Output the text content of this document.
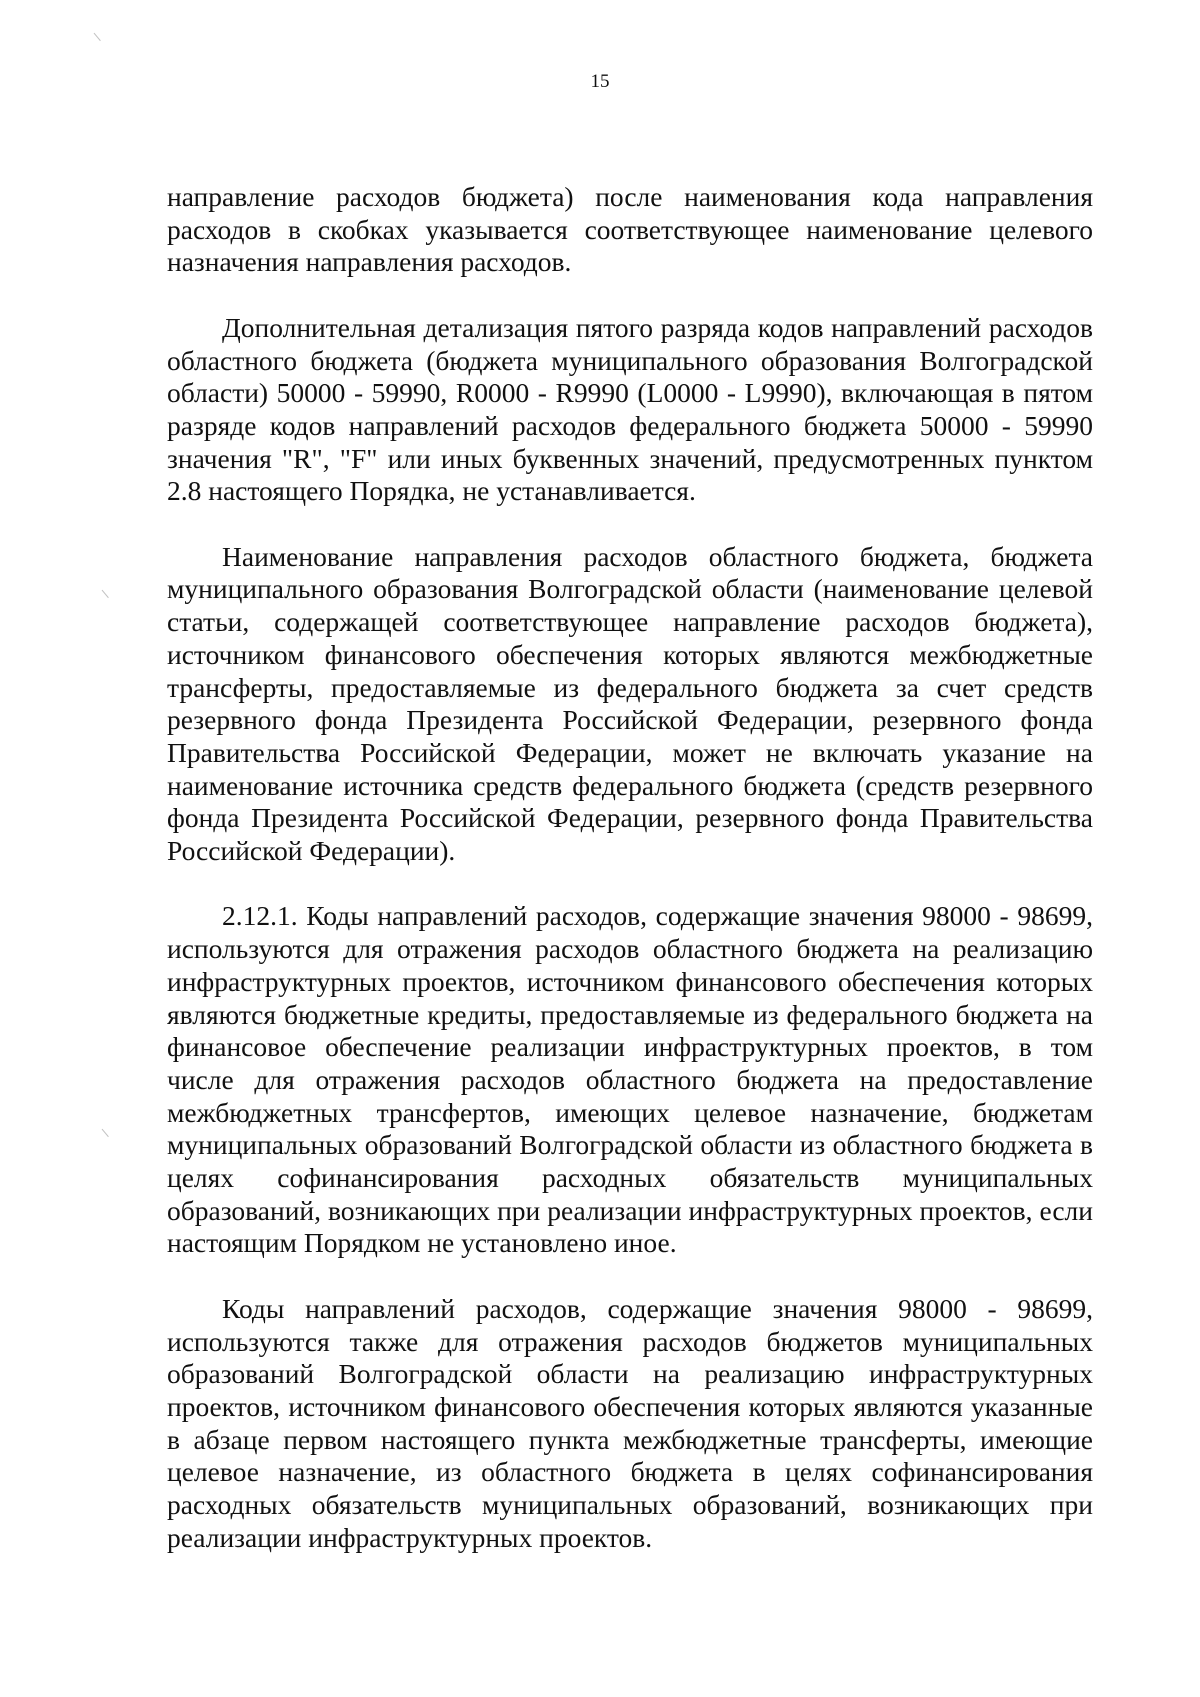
15

направление расходов бюджета) после наименования кода направления расходов в скобках указывается соответствующее наименование целевого назначения направления расходов.

Дополнительная детализация пятого разряда кодов направлений расходов областного бюджета (бюджета муниципального образования Волгоградской области) 50000 - 59990, R0000 - R9990 (L0000 - L9990), включающая в пятом разряде кодов направлений расходов федерального бюджета 50000 - 59990 значения "R", "F" или иных буквенных значений, предусмотренных пунктом 2.8 настоящего Порядка, не устанавливается.

Наименование направления расходов областного бюджета, бюджета муниципального образования Волгоградской области (наименование целевой статьи, содержащей соответствующее направление расходов бюджета), источником финансового обеспечения которых являются межбюджетные трансферты, предоставляемые из федерального бюджета за счет средств резервного фонда Президента Российской Федерации, резервного фонда Правительства Российской Федерации, может не включать указание на наименование источника средств федерального бюджета (средств резервного фонда Президента Российской Федерации, резервного фонда Правительства Российской Федерации).

2.12.1. Коды направлений расходов, содержащие значения 98000 - 98699, используются для отражения расходов областного бюджета на реализацию инфраструктурных проектов, источником финансового обеспечения которых являются бюджетные кредиты, предоставляемые из федерального бюджета на финансовое обеспечение реализации инфраструктурных проектов, в том числе для отражения расходов областного бюджета на предоставление межбюджетных трансфертов, имеющих целевое назначение, бюджетам муниципальных образований Волгоградской области из областного бюджета в целях софинансирования расходных обязательств муниципальных образований, возникающих при реализации инфраструктурных проектов, если настоящим Порядком не установлено иное.

Коды направлений расходов, содержащие значения 98000 - 98699, используются также для отражения расходов бюджетов муниципальных образований Волгоградской области на реализацию инфраструктурных проектов, источником финансового обеспечения которых являются указанные в абзаце первом настоящего пункта межбюджетные трансферты, имеющие целевое назначение, из областного бюджета в целях софинансирования расходных обязательств муниципальных образований, возникающих при реализации инфраструктурных проектов.
